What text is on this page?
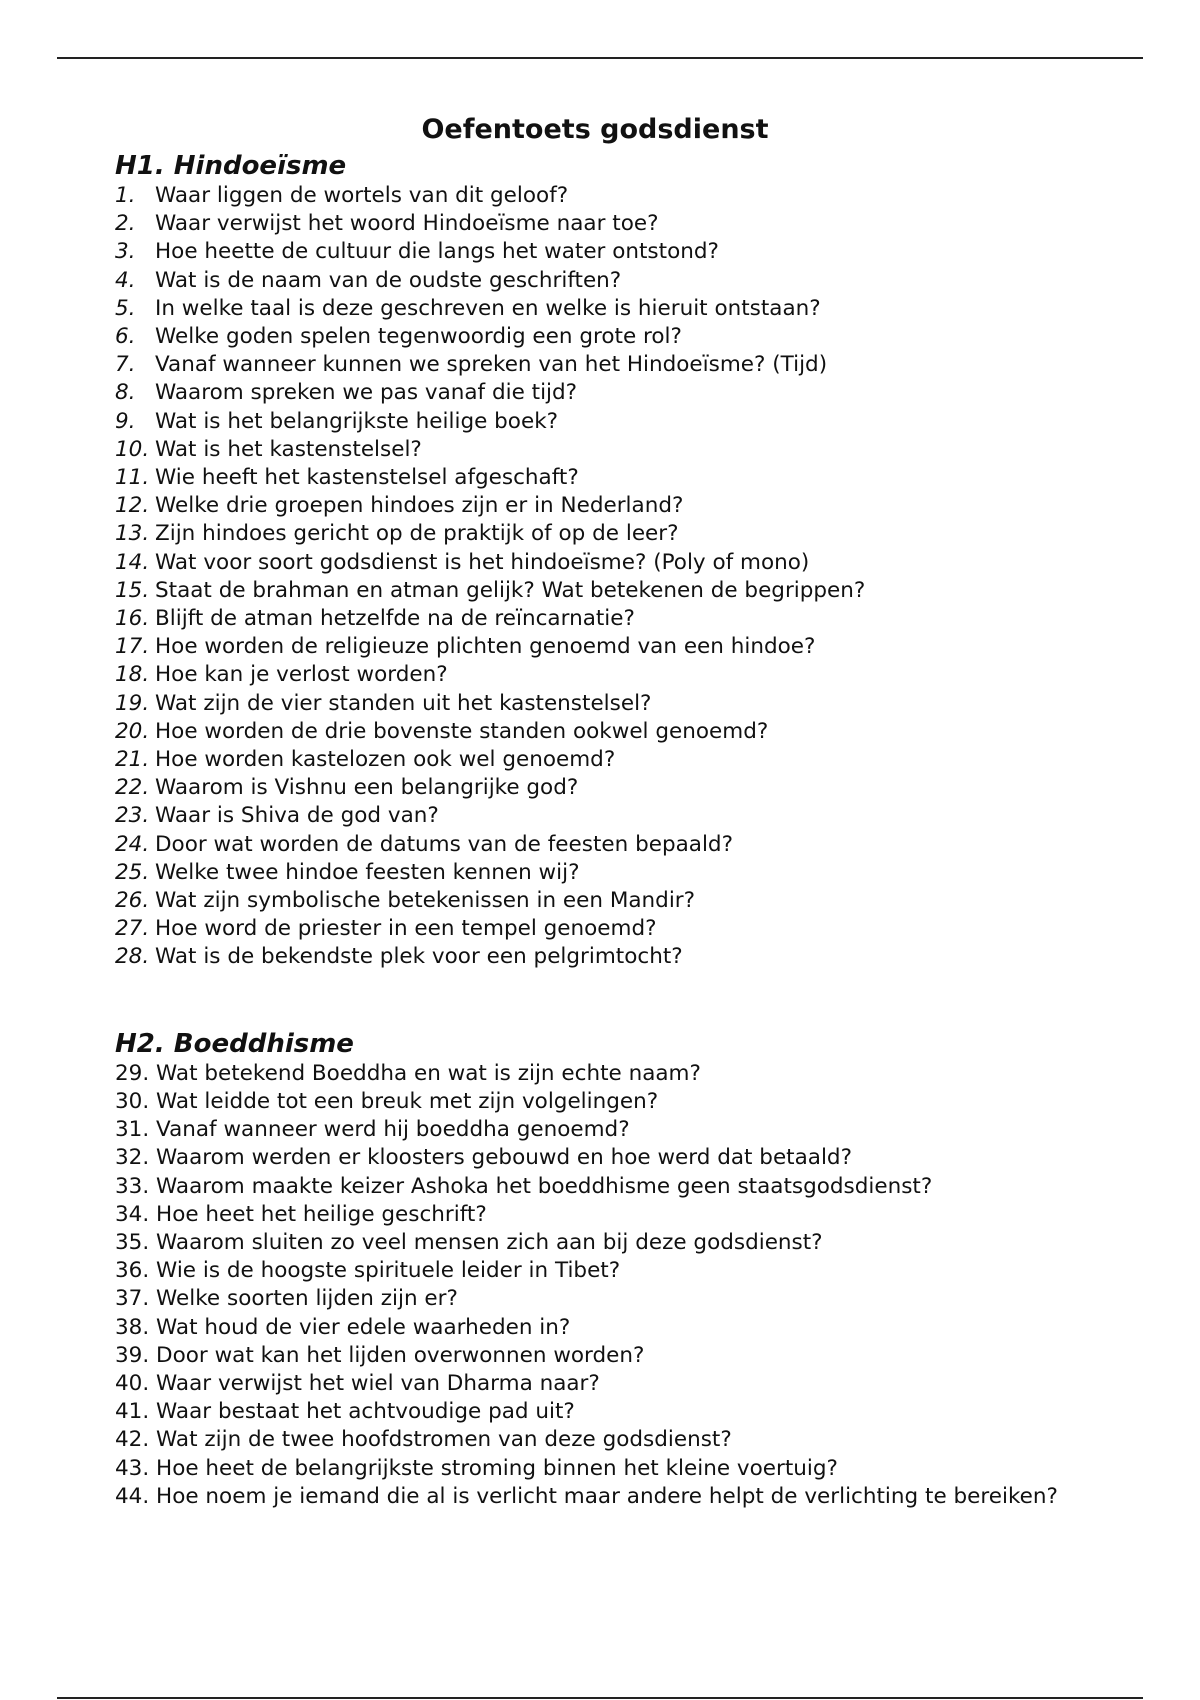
Oefentoets godsdienst
H1. Hindoeïsme
1. Waar liggen de wortels van dit geloof?
2. Waar verwijst het woord Hindoeïsme naar toe?
3. Hoe heette de cultuur die langs het water ontstond?
4. Wat is de naam van de oudste geschriften?
5. In welke taal is deze geschreven en welke is hieruit ontstaan?
6. Welke goden spelen tegenwoordig een grote rol?
7. Vanaf wanneer kunnen we spreken van het Hindoeïsme? (Tijd)
8. Waarom spreken we pas vanaf die tijd?
9. Wat is het belangrijkste heilige boek?
10. Wat is het kastenstelsel?
11. Wie heeft het kastenstelsel afgeschaft?
12. Welke drie groepen hindoes zijn er in Nederland?
13. Zijn hindoes gericht op de praktijk of op de leer?
14. Wat voor soort godsdienst is het hindoeïsme? (Poly of mono)
15. Staat de brahman en atman gelijk? Wat betekenen de begrippen?
16. Blijft de atman hetzelfde na de reïncarnatie?
17. Hoe worden de religieuze plichten genoemd van een hindoe?
18. Hoe kan je verlost worden?
19. Wat zijn de vier standen uit het kastenstelsel?
20. Hoe worden de drie bovenste standen ookwel genoemd?
21. Hoe worden kastelozen ook wel genoemd?
22. Waarom is Vishnu een belangrijke god?
23. Waar is Shiva de god van?
24. Door wat worden de datums van de feesten bepaald?
25. Welke twee hindoe feesten kennen wij?
26. Wat zijn symbolische betekenissen in een Mandir?
27. Hoe word de priester in een tempel genoemd?
28. Wat is de bekendste plek voor een pelgrimtocht?
H2. Boeddhisme
29. Wat betekend Boeddha en wat is zijn echte naam?
30. Wat leidde tot een breuk met zijn volgelingen?
31. Vanaf wanneer werd hij boeddha genoemd?
32. Waarom werden er kloosters gebouwd en hoe werd dat betaald?
33. Waarom maakte keizer Ashoka het boeddhisme geen staatsgodsdienst?
34. Hoe heet het heilige geschrift?
35. Waarom sluiten zo veel mensen zich aan bij deze godsdienst?
36. Wie is de hoogste spirituele leider in Tibet?
37. Welke soorten lijden zijn er?
38. Wat houd de vier edele waarheden in?
39. Door wat kan het lijden overwonnen worden?
40. Waar verwijst het wiel van Dharma naar?
41. Waar bestaat het achtvoudige pad uit?
42. Wat zijn de twee hoofdstromen van deze godsdienst?
43. Hoe heet de belangrijkste stroming binnen het kleine voertuig?
44. Hoe noem je iemand die al is verlicht maar andere helpt de verlichting te bereiken?
